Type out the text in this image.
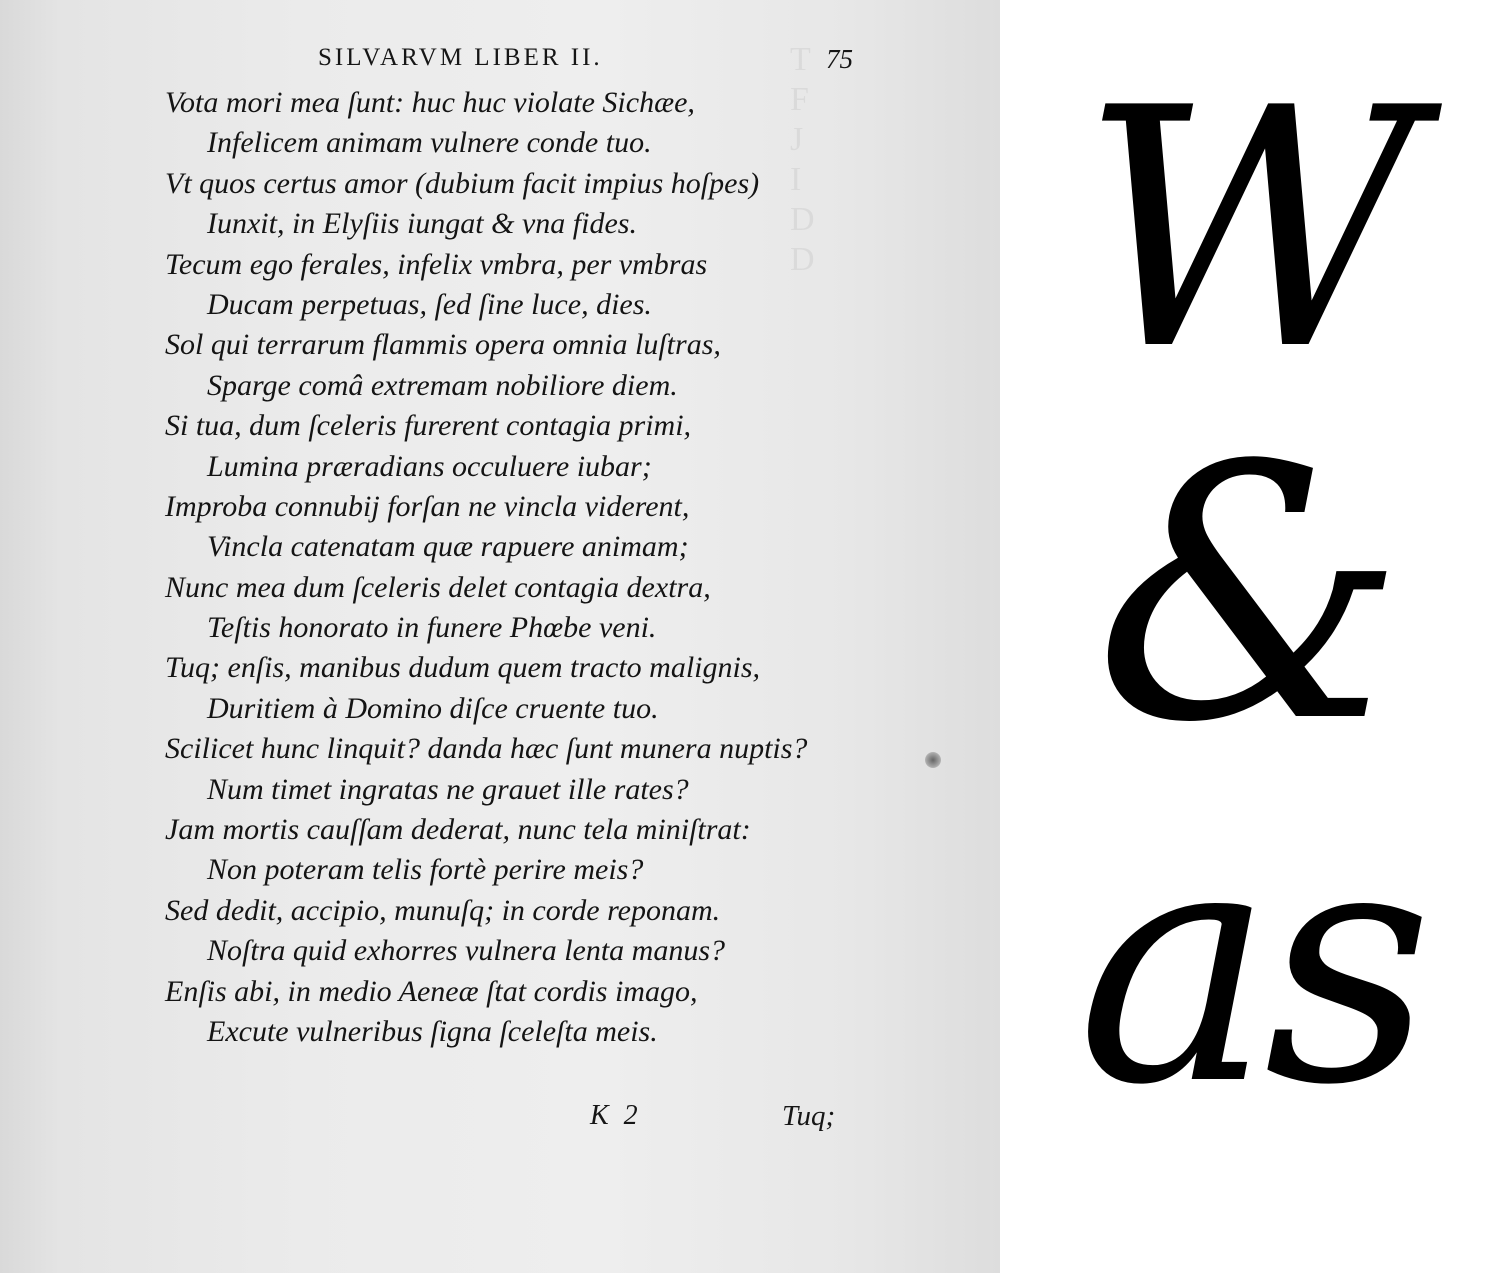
T
F
J
I
D
D

SILVARVM LIBER II.	75
Vota mori mea ſunt: huc huc violate Sichæe,
Infelicem animam vulnere conde tuo.
Vt quos certus amor (dubium facit impius hoſpes)
Iunxit, in Elyſiis iungat & vna fides.
Tecum ego ferales, infelix vmbra, per vmbras
Ducam perpetuas, ſed ſine luce, dies.
Sol qui terrarum flammis opera omnia luſtras,
Sparge comâ extremam nobiliore diem.
Si tua, dum ſceleris furerent contagia primi,
Lumina præradians occuluere iubar;
Improba connubij forſan ne vincla viderent,
Vincla catenatam quæ rapuere animam;
Nunc mea dum ſceleris delet contagia dextra,
Teſtis honorato in funere Phœbe veni.
Tuq; enſis, manibus dudum quem tracto malignis,
Duritiem à Domino diſce cruente tuo.
Scilicet hunc linquit? danda hæc ſunt munera nuptis?
Num timet ingratas ne grauet ille rates?
Jam mortis cauſſam dederat, nunc tela miniſtrat:
Non poteram telis fortè perire meis?
Sed dedit, accipio, munuſq; in corde reponam.
Noſtra quid exhorres vulnera lenta manus?
Enſis abi, in medio Aeneæ ſtat cordis imago,
Excute vulneribus ſigna ſceleſta meis.
K 2	Tuq;
W
&
as
